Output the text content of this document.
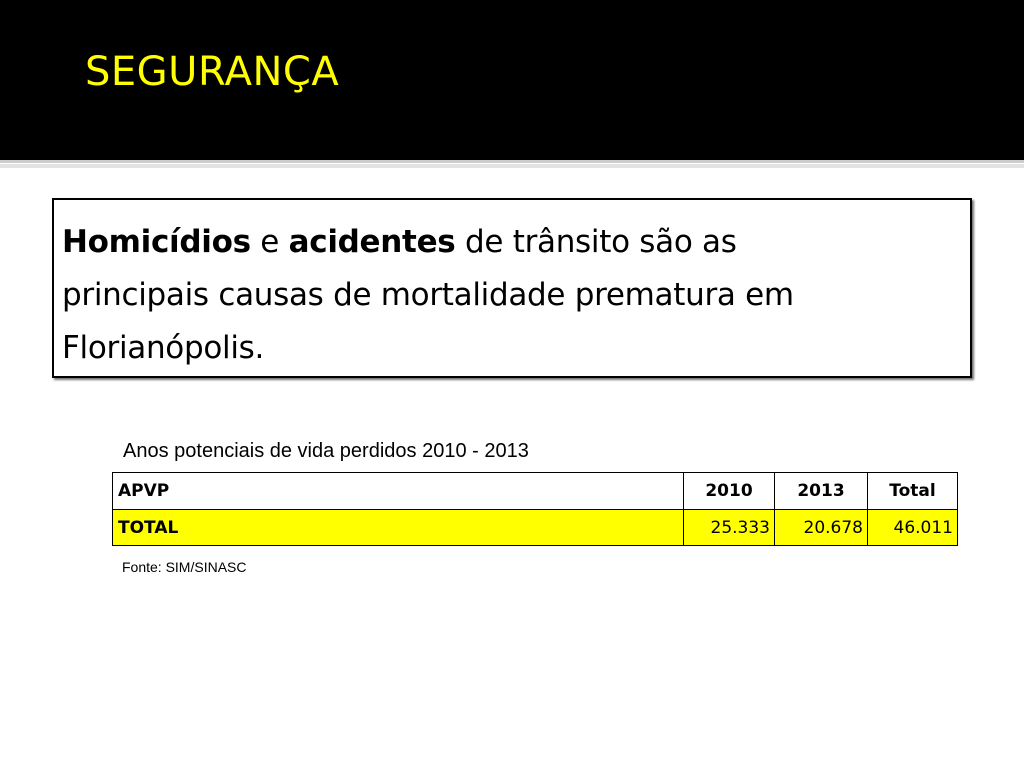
SEGURANÇA
Homicídios e acidentes de trânsito são as
principais causas de mortalidade prematura em
Florianópolis.
Anos potenciais de vida perdidos 2010 - 2013
APVP	2010	2013	Total
TOTAL	25.333	20.678	46.011
Fonte: SIM/SINASC
